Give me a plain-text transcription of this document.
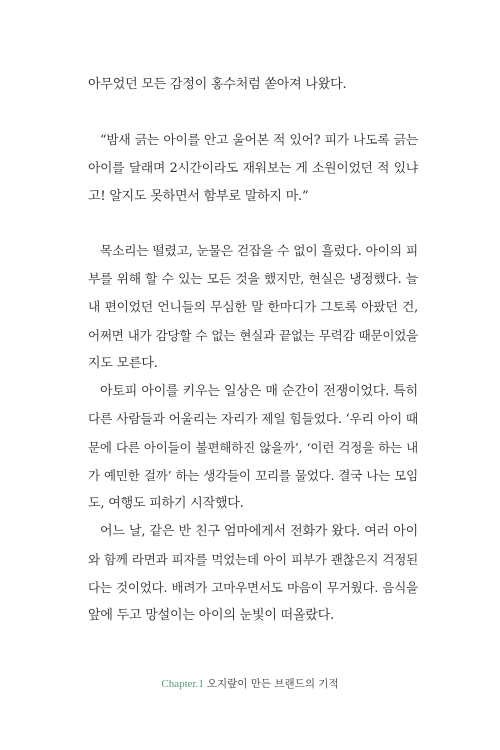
아무었던 모든 감정이 홍수처럼 쏟아져 나왔다.
“밤새 긁는 아이를 안고 울어본 적 있어? 피가 나도록 긁는
아이를 달래며 2시간이라도 재워보는 게 소원이었던 적 있냐
고! 알지도 못하면서 함부로 말하지 마.”
목소리는 떨렸고, 눈물은 걷잡을 수 없이 흘렀다. 아이의 피
부를 위해 할 수 있는 모든 것을 했지만, 현실은 냉정했다. 늘
내 편이었던 언니들의 무심한 말 한마디가 그토록 아팠던 건,
어쩌면 내가 감당할 수 없는 현실과 끝없는 무력감 때문이었을
지도 모른다.
아토피 아이를 키우는 일상은 매 순간이 전쟁이었다. 특히
다른 사람들과 어울리는 자리가 제일 힘들었다. ‘우리 아이 때
문에 다른 아이들이 불편해하진 않을까’, ‘이런 걱정을 하는 내
가 예민한 걸까’ 하는 생각들이 꼬리를 물었다. 결국 나는 모임
도, 여행도 피하기 시작했다.
어느 날, 같은 반 친구 엄마에게서 전화가 왔다. 여러 아이
와 함께 라면과 피자를 먹었는데 아이 피부가 괜찮은지 걱정된
다는 것이었다. 배려가 고마우면서도 마음이 무거웠다. 음식을
앞에 두고 망설이는 아이의 눈빛이 떠올랐다.
Chapter.1 오지랖이 만든 브랜드의 기적
